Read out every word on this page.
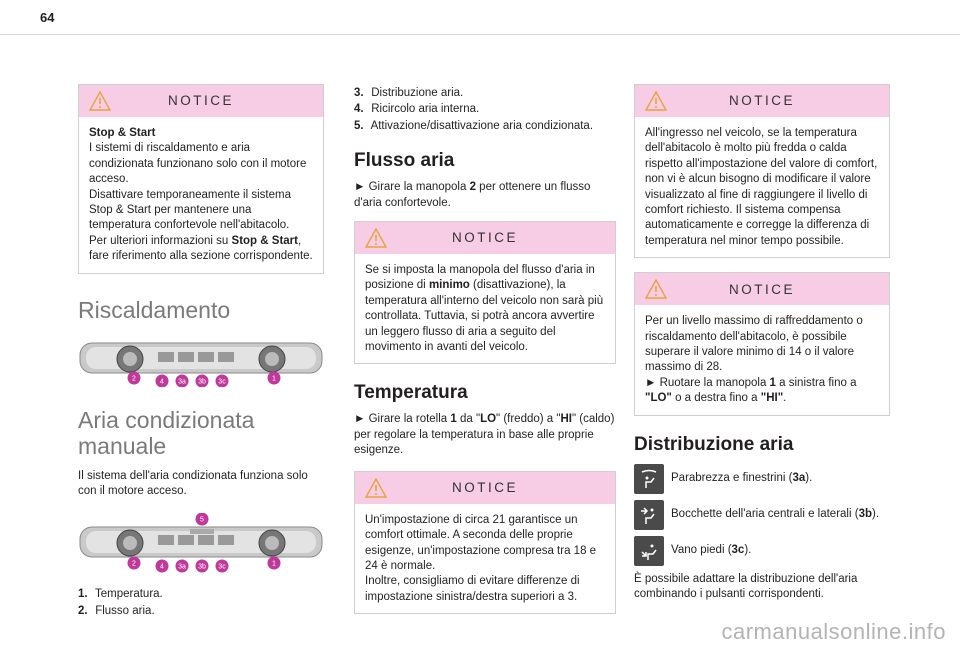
64
NOTICE

Stop & Start

I sistemi di riscaldamento e aria condizionata funzionano solo con il motore acceso.

Disattivare temporaneamente il sistema Stop & Start per mantenere una temperatura confortevole nell'abitacolo.

Per ulteriori informazioni su Stop & Start, fare riferimento alla sezione corrispondente.

Riscaldamento
2	4 3a 3b 3c	1
Aria condizionata manuale

Il sistema dell'aria condizionata funziona solo con il motore acceso.

5
2	4 3a 3b 3c	1
1. Temperatura.
2. Flusso aria.
3. Distribuzione aria.
4. Ricircolo aria interna.
5. Attivazione/disattivazione aria condizionata.
Flusso aria

► Girare la manopola 2 per ottenere un flusso d'aria confortevole.

NOTICE

Se si imposta la manopola del flusso d'aria in posizione di minimo (disattivazione), la temperatura all'interno del veicolo non sarà più controllata. Tuttavia, si potrà ancora avvertire un leggero flusso di aria a seguito del movimento in avanti del veicolo.

Temperatura

► Girare la rotella 1 da "LO" (freddo) a "HI" (caldo) per regolare la temperatura in base alle proprie esigenze.

NOTICE

Un'impostazione di circa 21 garantisce un comfort ottimale. A seconda delle proprie esigenze, un'impostazione compresa tra 18 e 24 è normale.

Inoltre, consigliamo di evitare differenze di impostazione sinistra/destra superiori a 3.

NOTICE

All'ingresso nel veicolo, se la temperatura dell'abitacolo è molto più fredda o calda rispetto all'impostazione del valore di comfort, non vi è alcun bisogno di modificare il valore visualizzato al fine di raggiungere il livello di comfort richiesto. Il sistema compensa automaticamente e corregge la differenza di temperatura nel minor tempo possibile.

NOTICE

Per un livello massimo di raffreddamento o riscaldamento dell'abitacolo, è possibile superare il valore minimo di 14 o il valore massimo di 28.

► Ruotare la manopola 1 a sinistra fino a "LO" o a destra fino a "HI".

Distribuzione aria
Parabrezza e finestrini (3a).
Bocchette dell'aria centrali e laterali (3b).
Vano piedi (3c).

È possibile adattare la distribuzione dell'aria combinando i pulsanti corrispondenti.

carmanualsonline.info
